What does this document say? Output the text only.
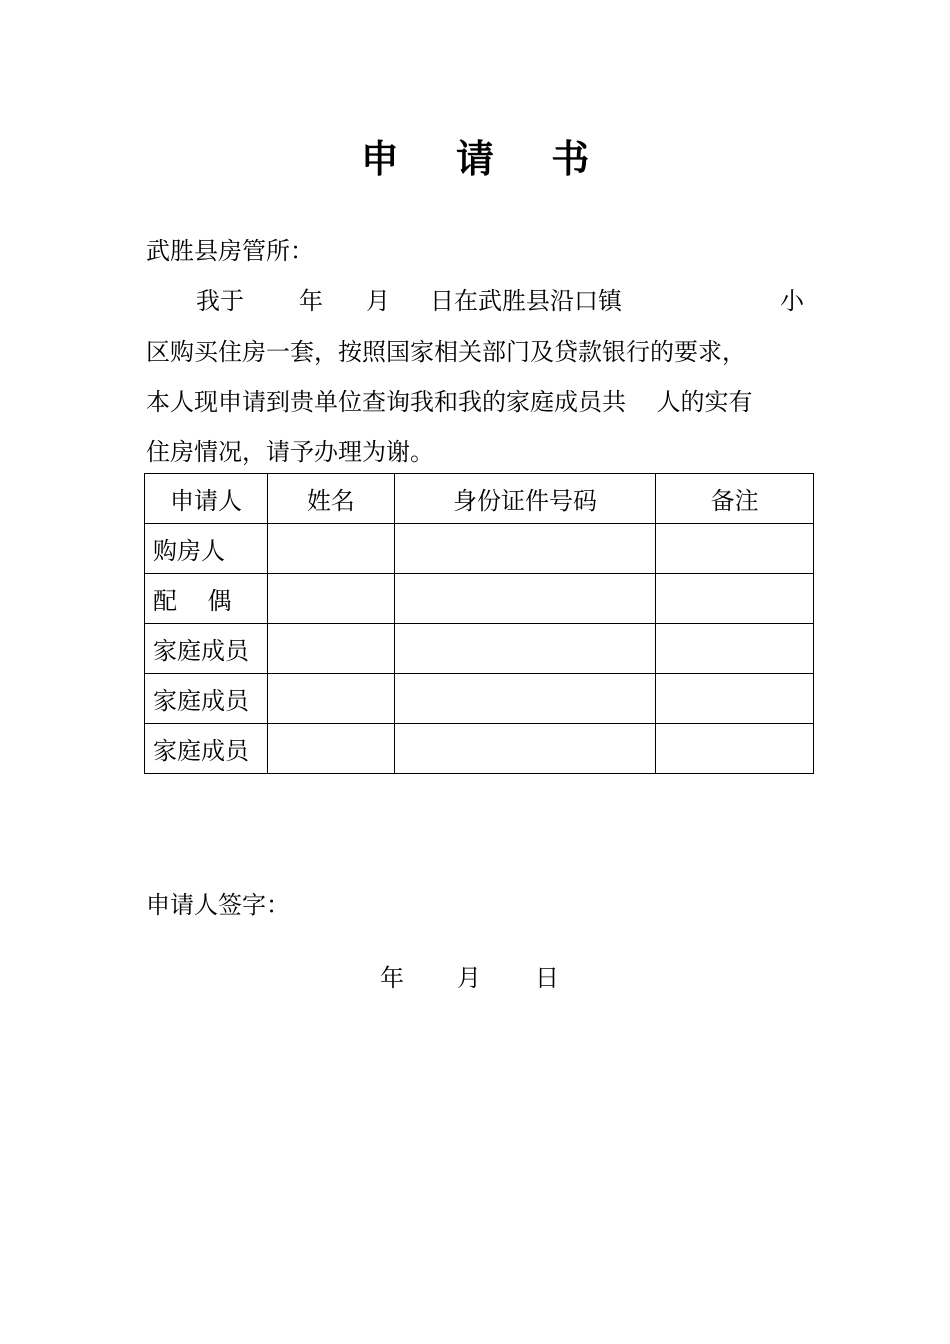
申 请 书
武胜县房管所：

我于

年

月

日在武胜县沿口镇

	小

区购买住房一套，按照国家相关部门及贷款银行的要求，
本人现申请到贵单位查询我和我的家庭成员共    人的实有
住房情况，请予办理为谢。
申请人	姓名	身份证件号码	备注
购房人			
配    偶			
家庭成员			
家庭成员			
家庭成员			
申请人签字：
年 月 日
